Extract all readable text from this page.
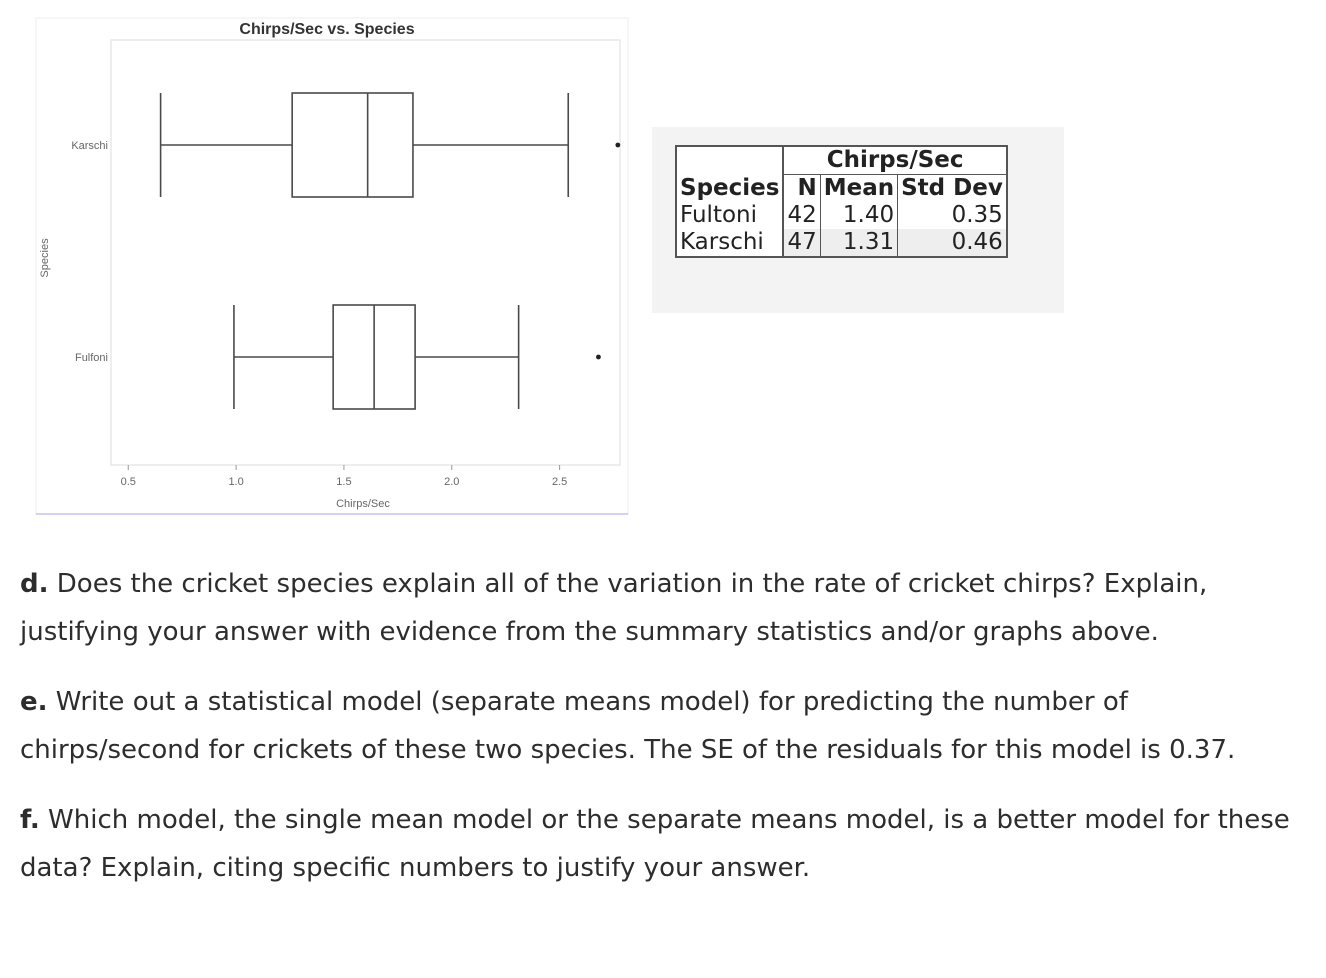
Chirps/Sec vs. Species
Species
0.5	1.0	1.5	2.0	2.5
Chirps/Sec
Karschi
Fulfoni
	Chirps/Sec		
Species	N	Mean	Std Dev
Fultoni	42	1.40	0.35
Karschi	47	1.31	0.46

d. Does the cricket species explain all of the variation in the rate of cricket chirps? Explain, justifying your answer with evidence from the summary statistics and/or graphs above.

e. Write out a statistical model (separate means model) for predicting the number of chirps/second for crickets of these two species. The SE of the residuals for this model is 0.37.

f. Which model, the single mean model or the separate means model, is a better model for these data? Explain, citing specific numbers to justify your answer.
